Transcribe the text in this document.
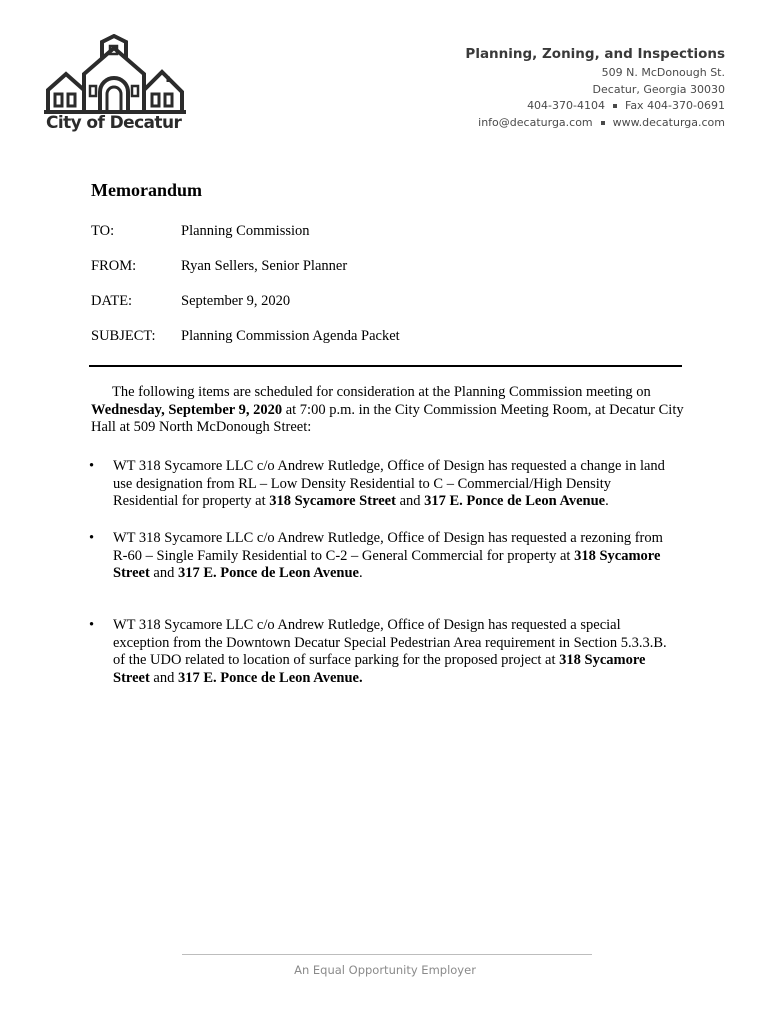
City of Decatur
Planning, Zoning, and Inspections
509 N. McDonough St.
Decatur, Georgia 30030
404-370-4104 Fax 404-370-0691
info@decaturga.com www.decaturga.com
Memorandum
TO:	Planning Commission
FROM:	Ryan Sellers, Senior Planner
DATE:	September 9, 2020
SUBJECT: Planning Commission Agenda Packet
The following items are scheduled for consideration at the Planning Commission meeting on Wednesday, September 9, 2020 at 7:00 p.m. in the City Commission Meeting Room, at Decatur City Hall at 509 North McDonough Street:
• WT 318 Sycamore LLC c/o Andrew Rutledge, Office of Design has requested a change in land use designation from RL – Low Density Residential to C – Commercial/High Density Residential for property at 318 Sycamore Street and 317 E. Ponce de Leon Avenue.
• WT 318 Sycamore LLC c/o Andrew Rutledge, Office of Design has requested a rezoning from R-60 – Single Family Residential to C-2 – General Commercial for property at 318 Sycamore Street and 317 E. Ponce de Leon Avenue.
• WT 318 Sycamore LLC c/o Andrew Rutledge, Office of Design has requested a special exception from the Downtown Decatur Special Pedestrian Area requirement in Section 5.3.3.B. of the UDO related to location of surface parking for the proposed project at 318 Sycamore Street and 317 E. Ponce de Leon Avenue.
An Equal Opportunity Employer
